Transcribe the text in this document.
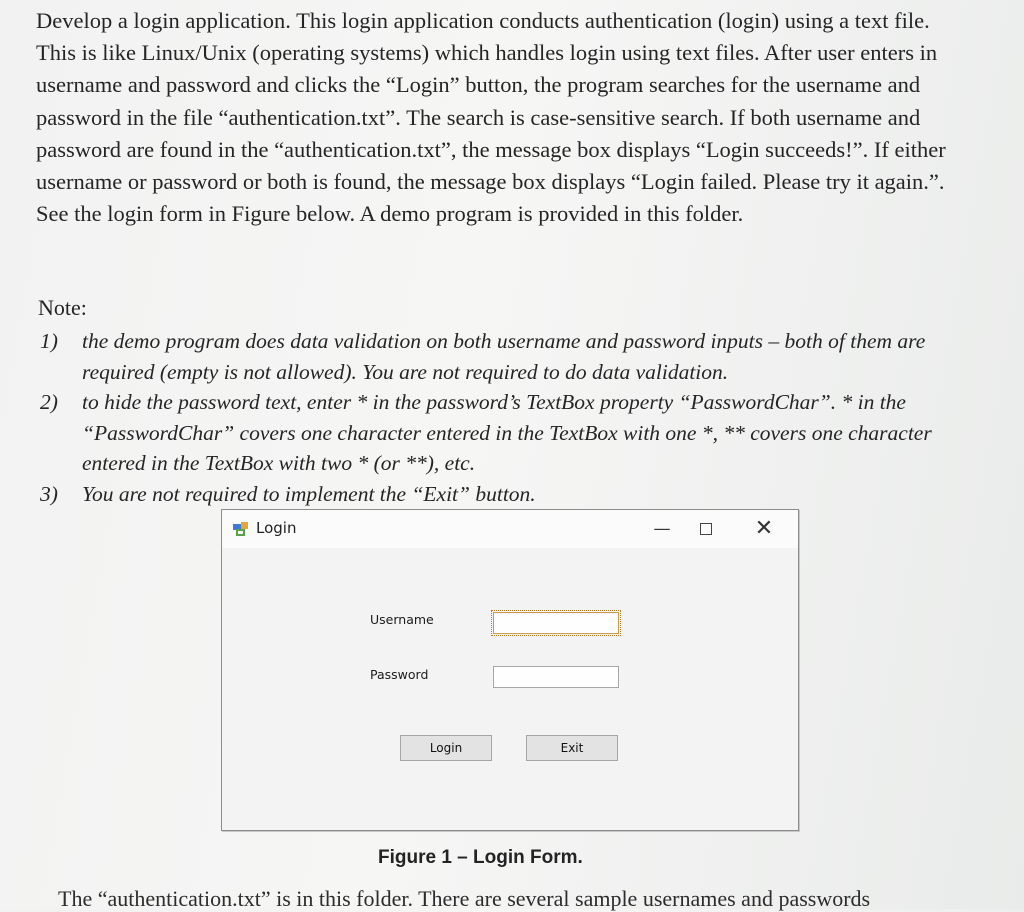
Develop a login application. This login application conducts authentication (login) using a text file. This is like Linux/Unix (operating systems) which handles login using text files. After user enters in username and password and clicks the “Login” button, the program searches for the username and password in the file “authentication.txt”. The search is case-sensitive search. If both username and password are found in the “authentication.txt”, the message box displays “Login succeeds!”. If either username or password or both is found, the message box displays “Login failed. Please try it again.”. See the login form in Figure below. A demo program is provided in this folder.

Note:
1)	the demo program does data validation on both username and password inputs – both of them are required (empty is not allowed). You are not required to do data validation.
2)	to hide the password text, enter * in the password’s TextBox property “PasswordChar”. * in the “PasswordChar” covers one character entered in the TextBox with one *, ** covers one character entered in the TextBox with two * (or **), etc.
3)	You are not required to implement the “Exit” button.
Login	—	✕
Username
Password
Login	Exit
Figure 1 – Login Form.
The “authentication.txt” is in this folder. There are several sample usernames and passwords
